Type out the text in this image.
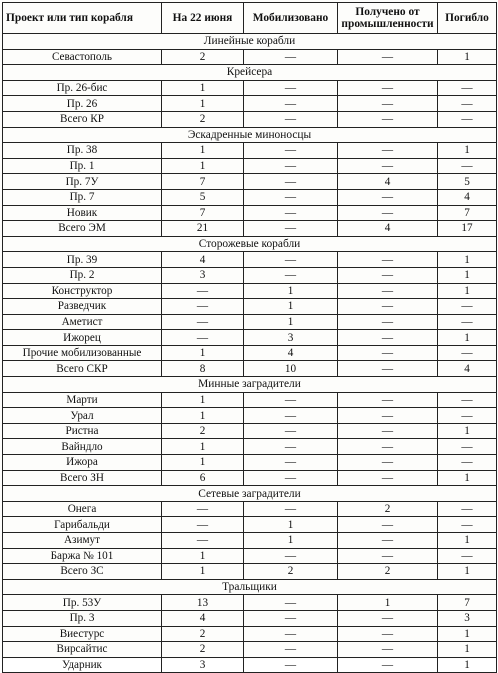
Проект или тип корабля	На 22 июня	Мобилизовано	Получено от промышленности	Погибло
Линейные корабли				
Севастополь	2	—	—	1
Крейсера				
Пр. 26-бис	1	—	—	—
Пр. 26	1	—	—	—
Всего КР	2	—	—	—
Эскадренные миноносцы				
Пр. 38	1	—	—	1
Пр. 1	1	—	—	—
Пр. 7У	7	—	4	5
Пр. 7	5	—	—	4
Новик	7	—	—	7
Всего ЭМ	21	—	4	17
Сторожевые корабли				
Пр. 39	4	—	—	1
Пр. 2	3	—	—	1
Конструктор	—	1	—	1
Разведчик	—	1	—	—
Аметист	—	1	—	—
Ижорец	—	3	—	1
Прочие мобилизованные	1	4	—	—
Всего СКР	8	10	—	4
Минные заградители				
Марти	1	—	—	—
Урал	1	—	—	—
Ристна	2	—	—	1
Вайндло	1	—	—	—
Ижора	1	—	—	—
Всего ЗН	6	—	—	1
Сетевые заградители				
Онега	—	—	2	—
Гарибальди	—	1	—	—
Азимут	—	1	—	1
Баржа № 101	1	—	—	—
Всего ЗС	1	2	2	1
Тральщики				
Пр. 53У	13	—	1	7
Пр. 3	4	—	—	3
Виестурс	2	—	—	1
Вирсайтис	2	—	—	1
Ударник	3	—	—	1
